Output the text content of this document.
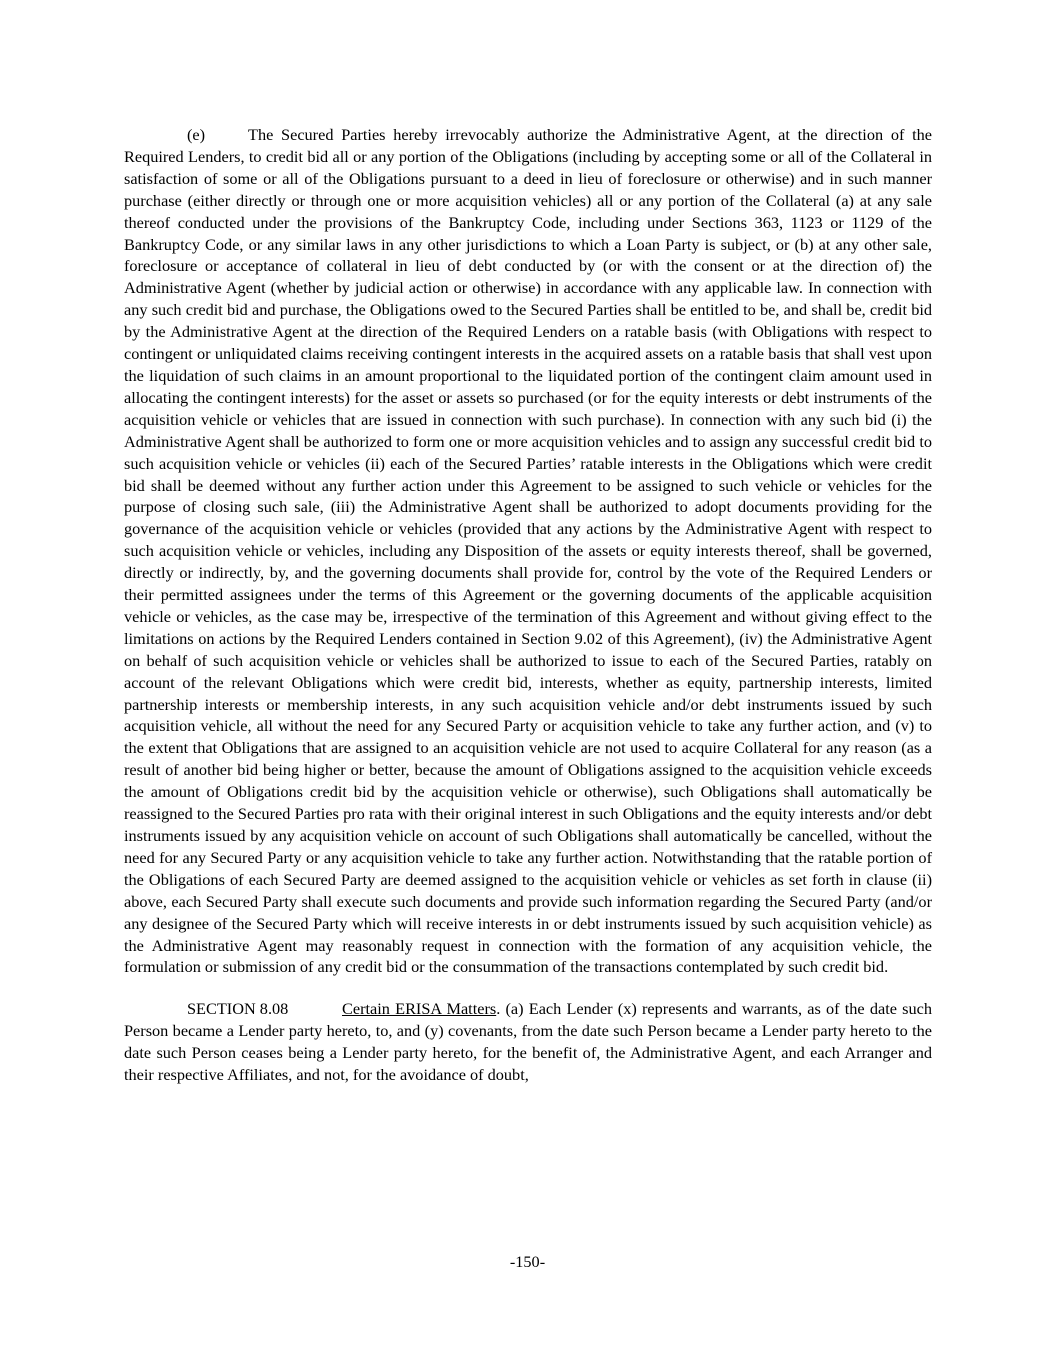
(e)	The Secured Parties hereby irrevocably authorize the Administrative Agent, at the direction of the Required Lenders, to credit bid all or any portion of the Obligations (including by accepting some or all of the Collateral in satisfaction of some or all of the Obligations pursuant to a deed in lieu of foreclosure or otherwise) and in such manner purchase (either directly or through one or more acquisition vehicles) all or any portion of the Collateral (a) at any sale thereof conducted under the provisions of the Bankruptcy Code, including under Sections 363, 1123 or 1129 of the Bankruptcy Code, or any similar laws in any other jurisdictions to which a Loan Party is subject, or (b) at any other sale, foreclosure or acceptance of collateral in lieu of debt conducted by (or with the consent or at the direction of) the Administrative Agent (whether by judicial action or otherwise) in accordance with any applicable law. In connection with any such credit bid and purchase, the Obligations owed to the Secured Parties shall be entitled to be, and shall be, credit bid by the Administrative Agent at the direction of the Required Lenders on a ratable basis (with Obligations with respect to contingent or unliquidated claims receiving contingent interests in the acquired assets on a ratable basis that shall vest upon the liquidation of such claims in an amount proportional to the liquidated portion of the contingent claim amount used in allocating the contingent interests) for the asset or assets so purchased (or for the equity interests or debt instruments of the acquisition vehicle or vehicles that are issued in connection with such purchase). In connection with any such bid (i) the Administrative Agent shall be authorized to form one or more acquisition vehicles and to assign any successful credit bid to such acquisition vehicle or vehicles (ii) each of the Secured Parties’ ratable interests in the Obligations which were credit bid shall be deemed without any further action under this Agreement to be assigned to such vehicle or vehicles for the purpose of closing such sale, (iii) the Administrative Agent shall be authorized to adopt documents providing for the governance of the acquisition vehicle or vehicles (provided that any actions by the Administrative Agent with respect to such acquisition vehicle or vehicles, including any Disposition of the assets or equity interests thereof, shall be governed, directly or indirectly, by, and the governing documents shall provide for, control by the vote of the Required Lenders or their permitted assignees under the terms of this Agreement or the governing documents of the applicable acquisition vehicle or vehicles, as the case may be, irrespective of the termination of this Agreement and without giving effect to the limitations on actions by the Required Lenders contained in Section 9.02 of this Agreement), (iv) the Administrative Agent on behalf of such acquisition vehicle or vehicles shall be authorized to issue to each of the Secured Parties, ratably on account of the relevant Obligations which were credit bid, interests, whether as equity, partnership interests, limited partnership interests or membership interests, in any such acquisition vehicle and/or debt instruments issued by such acquisition vehicle, all without the need for any Secured Party or acquisition vehicle to take any further action, and (v) to the extent that Obligations that are assigned to an acquisition vehicle are not used to acquire Collateral for any reason (as a result of another bid being higher or better, because the amount of Obligations assigned to the acquisition vehicle exceeds the amount of Obligations credit bid by the acquisition vehicle or otherwise), such Obligations shall automatically be reassigned to the Secured Parties pro rata with their original interest in such Obligations and the equity interests and/or debt instruments issued by any acquisition vehicle on account of such Obligations shall automatically be cancelled, without the need for any Secured Party or any acquisition vehicle to take any further action. Notwithstanding that the ratable portion of the Obligations of each Secured Party are deemed assigned to the acquisition vehicle or vehicles as set forth in clause (ii) above, each Secured Party shall execute such documents and provide such information regarding the Secured Party (and/or any designee of the Secured Party which will receive interests in or debt instruments issued by such acquisition vehicle) as the Administrative Agent may reasonably request in connection with the formation of any acquisition vehicle, the formulation or submission of any credit bid or the consummation of the transactions contemplated by such credit bid.

SECTION 8.08	Certain ERISA Matters. (a) Each Lender (x) represents and warrants, as of the date such Person became a Lender party hereto, to, and (y) covenants, from the date such Person became a Lender party hereto to the date such Person ceases being a Lender party hereto, for the benefit of, the Administrative Agent, and each Arranger and their respective Affiliates, and not, for the avoidance of doubt,

-150-
